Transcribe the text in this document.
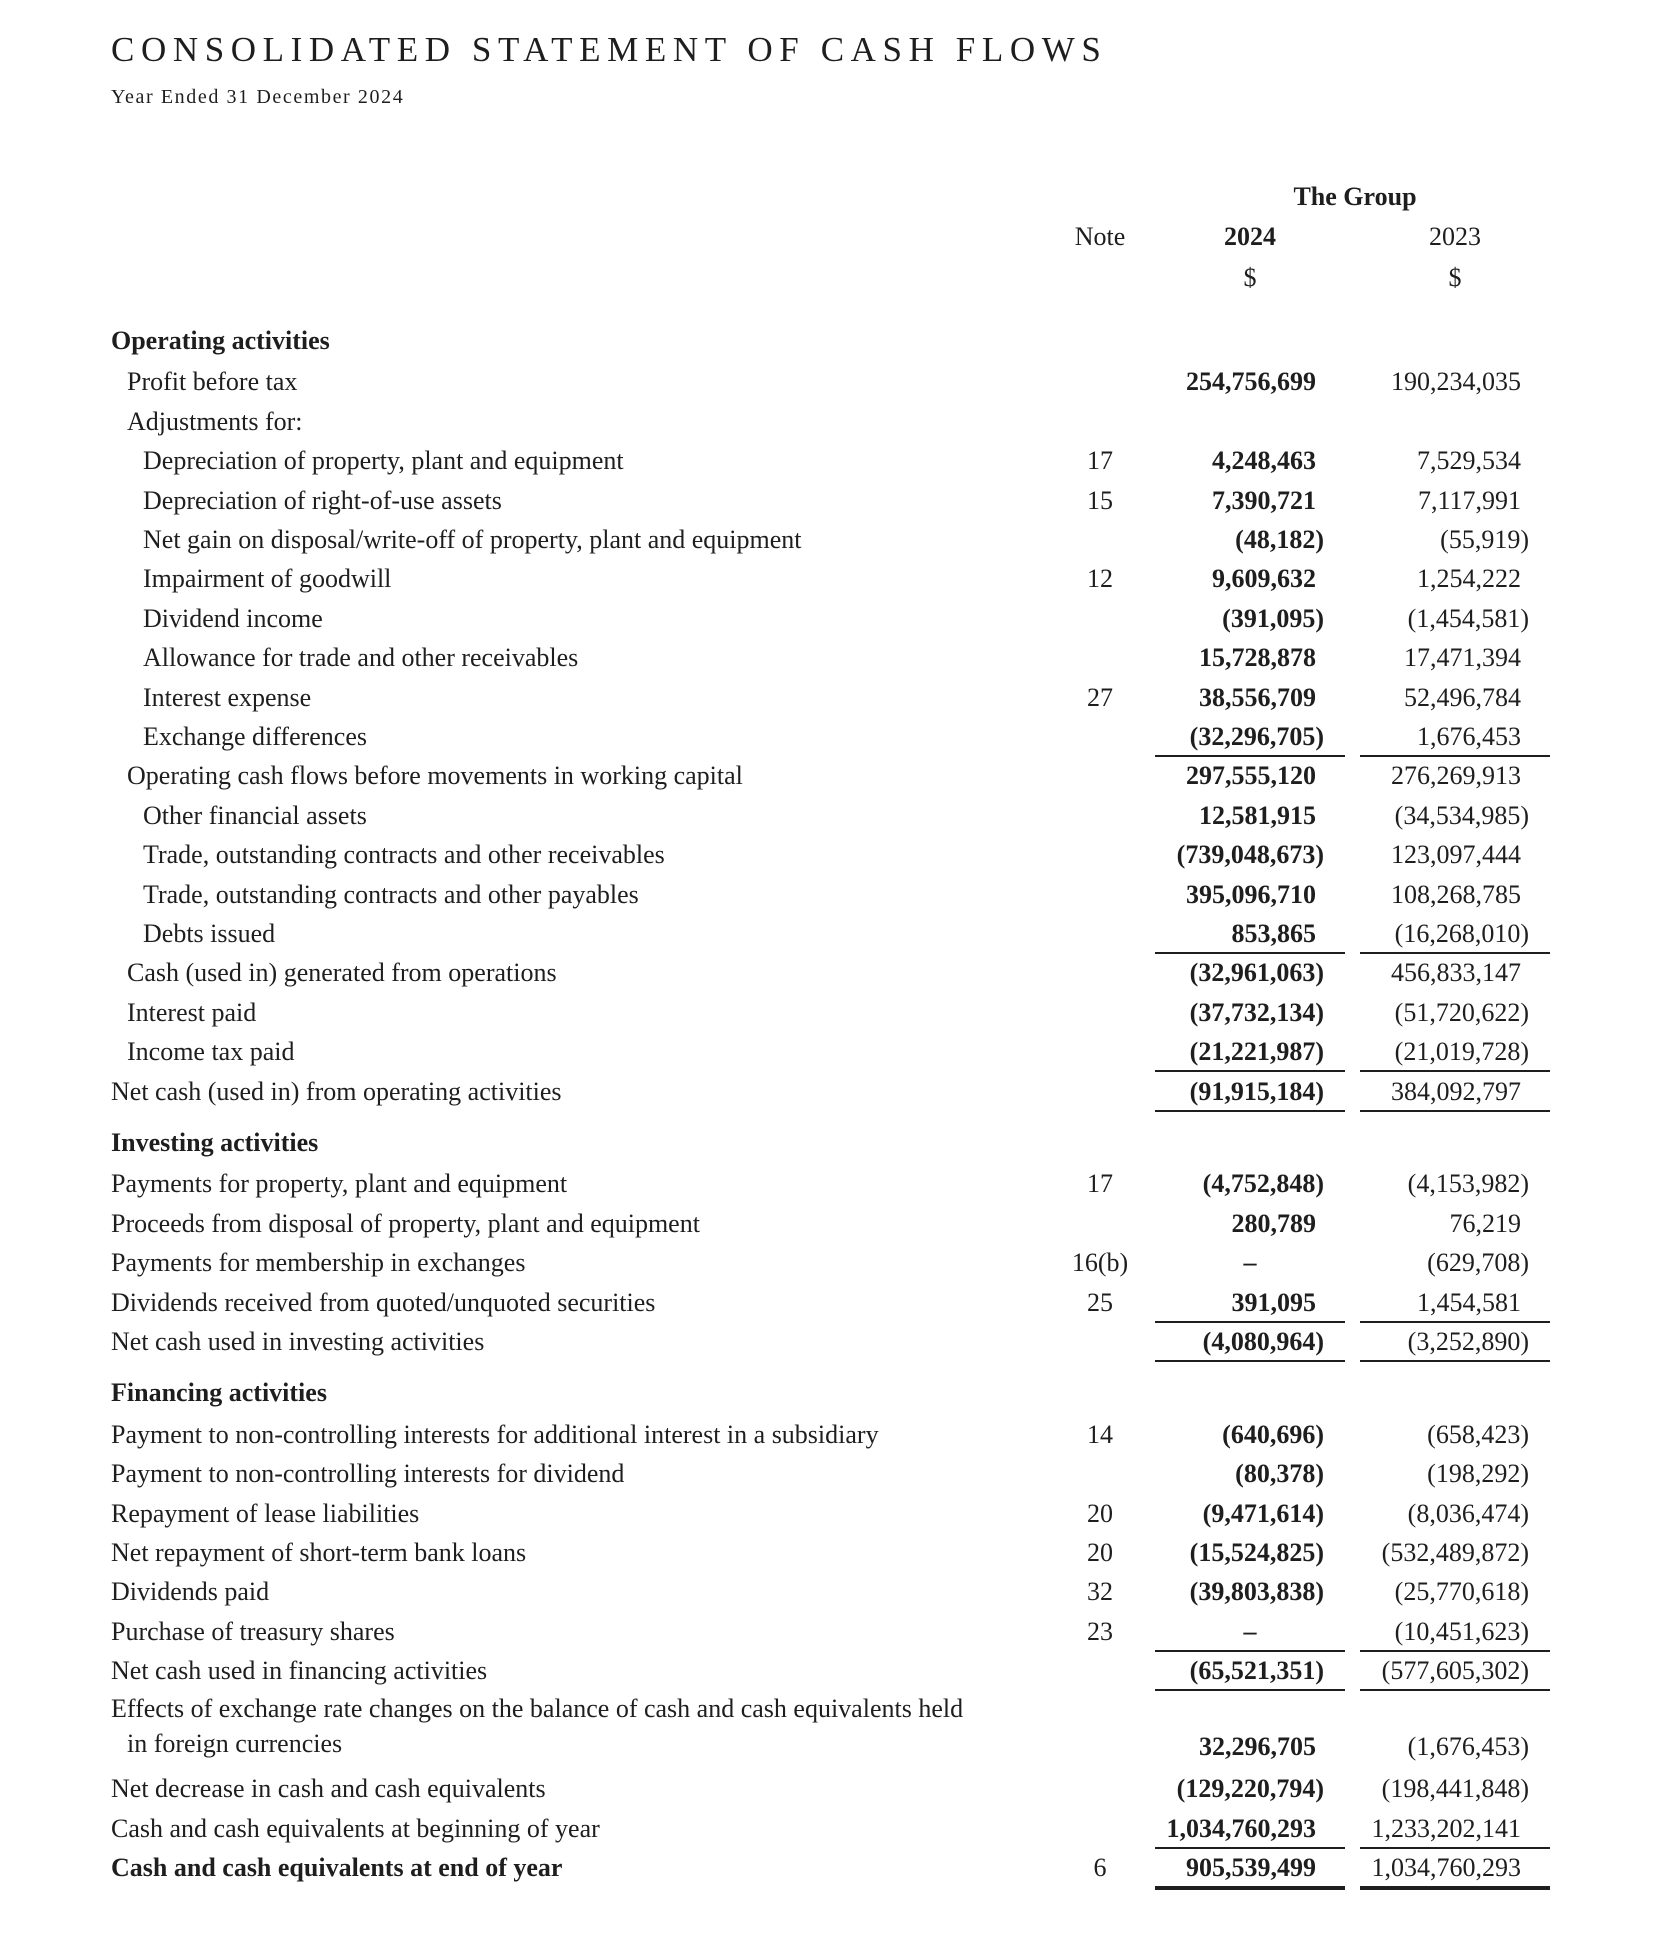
CONSOLIDATED STATEMENT OF CASH FLOWS
Year Ended 31 December 2024
The Group
Note	2024	2023
$	$
Operating activities
Profit before tax	254,756,699	190,234,035
Adjustments for:
Depreciation of property, plant and equipment	17	4,248,463	7,529,534
Depreciation of right-of-use assets	15	7,390,721	7,117,991
Net gain on disposal/write-off of property, plant and equipment	(48,182)	(55,919)
Impairment of goodwill	12	9,609,632	1,254,222
Dividend income	(391,095)	(1,454,581)
Allowance for trade and other receivables	15,728,878	17,471,394
Interest expense	27	38,556,709	52,496,784
Exchange differences	(32,296,705)	1,676,453
Operating cash flows before movements in working capital	297,555,120	276,269,913
Other financial assets	12,581,915	(34,534,985)
Trade, outstanding contracts and other receivables	(739,048,673)	123,097,444
Trade, outstanding contracts and other payables	395,096,710	108,268,785
Debts issued	853,865	(16,268,010)
Cash (used in) generated from operations	(32,961,063)	456,833,147
Interest paid	(37,732,134)	(51,720,622)
Income tax paid	(21,221,987)	(21,019,728)
Net cash (used in) from operating activities	(91,915,184)	384,092,797
Investing activities
Payments for property, plant and equipment	17	(4,752,848)	(4,153,982)
Proceeds from disposal of property, plant and equipment	280,789	76,219
Payments for membership in exchanges	16(b)	–	(629,708)
Dividends received from quoted/unquoted securities	25	391,095	1,454,581
Net cash used in investing activities	(4,080,964)	(3,252,890)
Financing activities
Payment to non-controlling interests for additional interest in a subsidiary	14	(640,696)	(658,423)
Payment to non-controlling interests for dividend	(80,378)	(198,292)
Repayment of lease liabilities	20	(9,471,614)	(8,036,474)
Net repayment of short-term bank loans	20	(15,524,825)	(532,489,872)
Dividends paid	32	(39,803,838)	(25,770,618)
Purchase of treasury shares	23	–	(10,451,623)
Net cash used in financing activities	(65,521,351)	(577,605,302)
Effects of exchange rate changes on the balance of cash and cash equivalents held
in foreign currencies	32,296,705	(1,676,453)
Net decrease in cash and cash equivalents	(129,220,794)	(198,441,848)
Cash and cash equivalents at beginning of year	1,034,760,293	1,233,202,141
Cash and cash equivalents at end of year	6	905,539,499	1,034,760,293
